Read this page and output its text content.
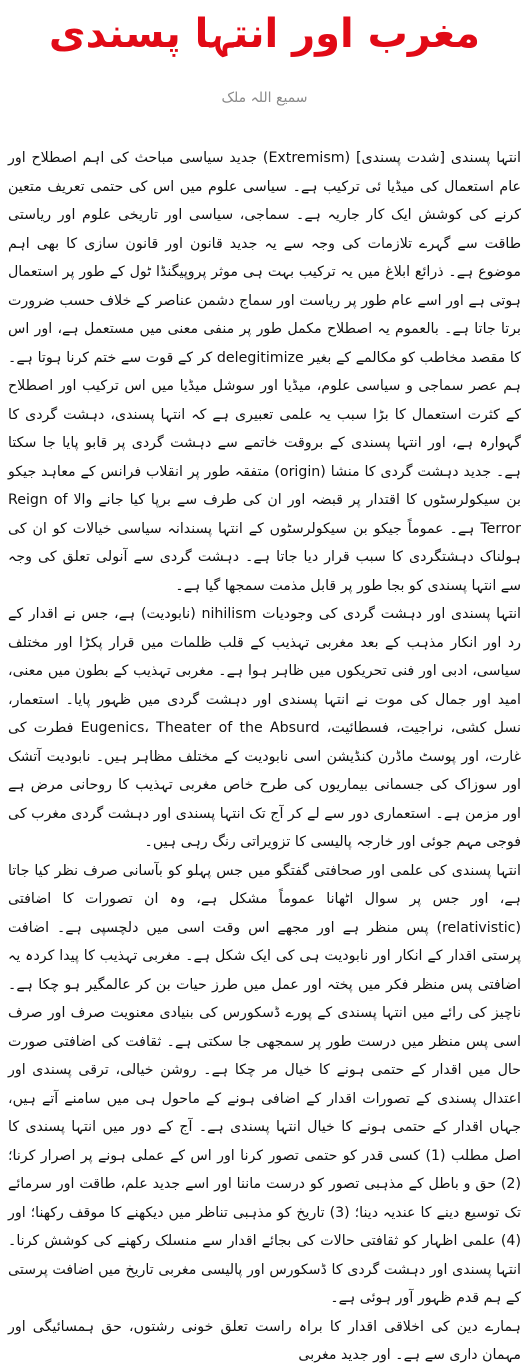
مغرب اور انتہا پسندی
سمیع اللہ ملک

انتہا پسندی [شدت پسندی] (Extremism) جدید سیاسی مباحث کی اہم اصطلاح اور عام استعمال کی میڈیا ئی ترکیب ہے۔ سیاسی علوم میں اس کی حتمی تعریف متعین کرنے کی کوشش ایک کار جاریہ ہے۔ سماجی، سیاسی اور تاریخی علوم اور ریاستی طاقت سے گہرے تلازمات کی وجہ سے یہ جدید قانون اور قانون سازی کا بھی اہم موضوع ہے۔ ذرائع ابلاغ میں یہ ترکیب بہت ہی موثر پروپیگنڈا ٹول کے طور پر استعمال ہوتی ہے اور اسے عام طور پر ریاست اور سماج دشمن عناصر کے خلاف حسب ضرورت برتا جاتا ہے۔ بالعموم یہ اصطلاح مکمل طور پر منفی معنی میں مستعمل ہے، اور اس کا مقصد مخاطب کو مکالمے کے بغیر delegitimize کر کے قوت سے ختم کرنا ہوتا ہے۔ ہم عصر سماجی و سیاسی علوم، میڈیا اور سوشل میڈیا میں اس ترکیب اور اصطلاح کے کثرت استعمال کا بڑا سبب یہ علمی تعبیری ہے کہ انتہا پسندی، دہشت گردی کا گہوارہ ہے، اور انتہا پسندی کے بروقت خاتمے سے دہشت گردی پر قابو پایا جا سکتا ہے۔ جدید دہشت گردی کا منشا (origin) متفقہ طور پر انقلاب فرانس کے معاہد جیکو بن سیکولرسٹوں کا اقتدار پر قبضہ اور ان کی طرف سے برپا کیا جانے والا Reign of Terror ہے۔ عموماً جیکو بن سیکولرسٹوں کے انتہا پسندانہ سیاسی خیالات کو ان کی ہولناک دہشتگردی کا سبب قرار دیا جاتا ہے۔ دہشت گردی سے آنولی تعلق کی وجہ سے انتہا پسندی کو بجا طور پر قابل مذمت سمجھا گیا ہے۔

انتہا پسندی اور دہشت گردی کی وجودیات nihilism (نابودیت) ہے، جس نے اقدار کے رد اور انکار مذہب کے بعد مغربی تہذیب کے قلب ظلمات میں قرار پکڑا اور مختلف سیاسی، ادبی اور فنی تحریکوں میں ظاہر ہوا ہے۔ مغربی تہذیب کے بطون میں معنی، امید اور جمال کی موت نے انتہا پسندی اور دہشت گردی میں ظہور پایا۔ استعمار، نسل کشی، نراجیت، فسطائیت، Eugenics، Theater of the Absurd فطرت کی غارت، اور پوسٹ ماڈرن کنڈیشن اسی نابودیت کے مختلف مظاہر ہیں۔ نابودیت آتشک اور سوزاک کی جسمانی بیماریوں کی طرح خاص مغربی تہذیب کا روحانی مرض ہے اور مزمن ہے۔ استعماری دور سے لے کر آج تک انتہا پسندی اور دہشت گردی مغرب کی فوجی مہم جوئی اور خارجہ پالیسی کا تزویراتی رنگ رہی ہیں۔

انتہا پسندی کی علمی اور صحافتی گفتگو میں جس پہلو کو بآسانی صرف نظر کیا جاتا ہے، اور جس پر سوال اٹھانا عموماً مشکل ہے، وہ ان تصورات کا اضافتی (relativistic) پس منظر ہے اور مجھے اس وقت اسی میں دلچسپی ہے۔ اضافت پرستی اقدار کے انکار اور نابودیت ہی کی ایک شکل ہے۔ مغربی تہذیب کا پیدا کردہ یہ اضافتی پس منظر فکر میں پختہ اور عمل میں طرز حیات بن کر عالمگیر ہو چکا ہے۔ ناچیز کی رائے میں انتہا پسندی کے پورے ڈسکورس کی بنیادی معنویت صرف اور صرف اسی پس منظر میں درست طور پر سمجھی جا سکتی ہے۔ ثقافت کی اضافتی صورت حال میں اقدار کے حتمی ہونے کا خیال مر چکا ہے۔ روشن خیالی، ترقی پسندی اور اعتدال پسندی کے تصورات اقدار کے اضافی ہونے کے ماحول ہی میں سامنے آتے ہیں، جہاں اقدار کے حتمی ہونے کا خیال انتہا پسندی ہے۔ آج کے دور میں انتہا پسندی کا اصل مطلب (1) کسی قدر کو حتمی تصور کرنا اور اس کے عملی ہونے پر اصرار کرنا؛ (2) حق و باطل کے مذہبی تصور کو درست ماننا اور اسے جدید علم، طاقت اور سرمائے تک توسیع دینے کا عندیہ دینا؛ (3) تاریخ کو مذہبی تناظر میں دیکھنے کا موقف رکھنا؛ اور (4) علمی اظہار کو ثقافتی حالات کی بجائے اقدار سے منسلک رکھنے کی کوشش کرنا۔ انتہا پسندی اور دہشت گردی کا ڈسکورس اور پالیسی مغربی تاریخ میں اضافت پرستی کے ہم قدم ظہور آور ہوئی ہے۔

ہمارے دین کی اخلاقی اقدار کا براہ راست تعلق خونی رشتوں، حق ہمسائیگی اور مہمان داری سے ہے۔ اور جدید مغربی
